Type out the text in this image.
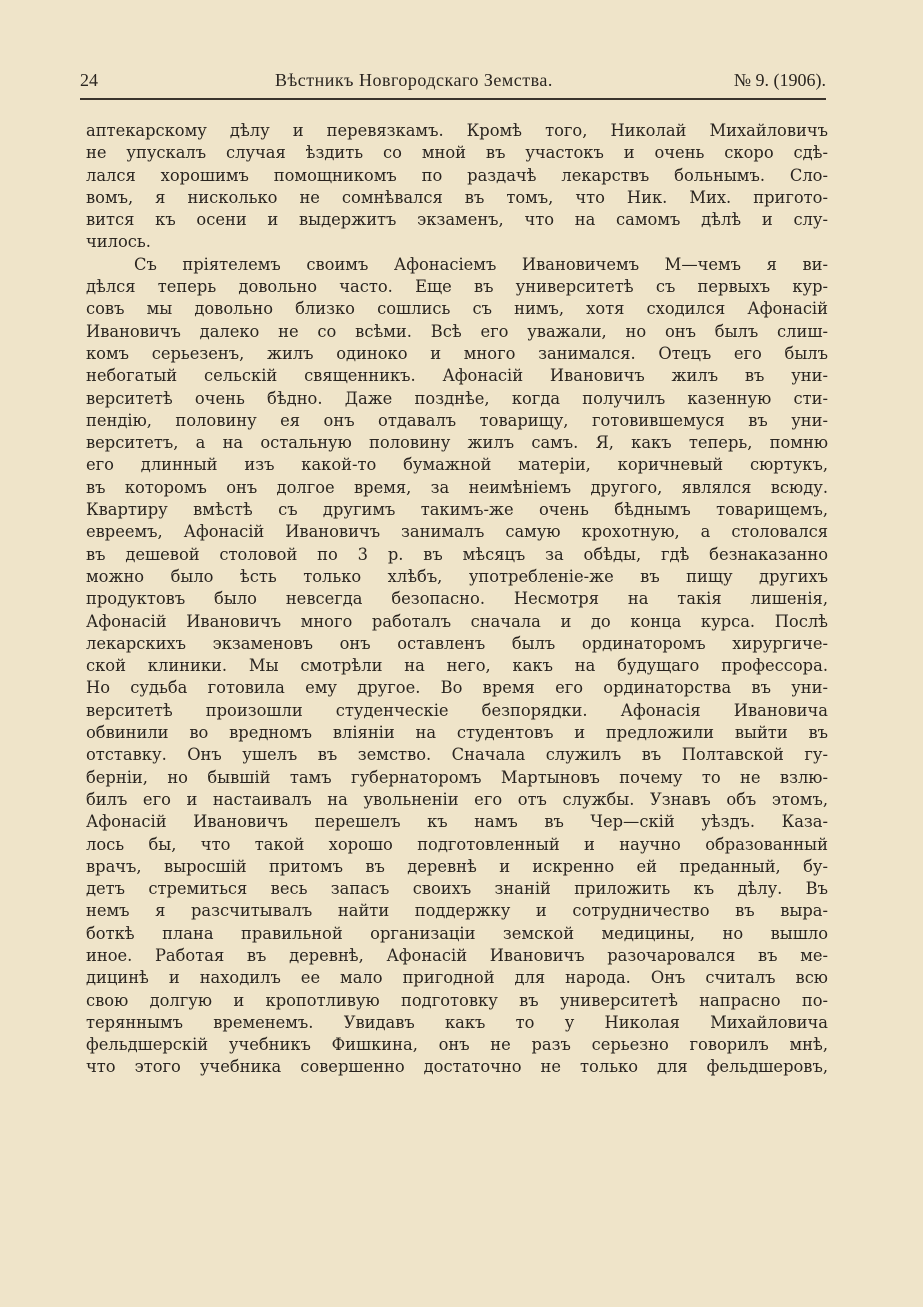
24	Вѣстникъ Новгородскаго Земства.	№ 9. (1906).
аптекарскому дѣлу и перевязкамъ. Кромѣ того, Николай Михайловичъ
не упускалъ случая ѣздить со мной въ участокъ и очень скоро сдѣ-
лался хорошимъ помощникомъ по раздачѣ лекарствъ больнымъ. Сло-
вомъ, я нисколько не сомнѣвался въ томъ, что Ник. Мих. пригото-
вится къ осени и выдержитъ экзаменъ, что на самомъ дѣлѣ и слу-
чилось.
Съ пріятелемъ своимъ Афонасіемъ Ивановичемъ М—чемъ я ви-
дѣлся теперь довольно часто. Еще въ университетѣ съ первыхъ кур-
совъ мы довольно близко сошлись съ нимъ, хотя сходился Афонасій
Ивановичъ далеко не со всѣми. Всѣ его уважали, но онъ былъ слиш-
комъ серьезенъ, жилъ одиноко и много занимался. Отецъ его былъ
небогатый сельскій священникъ. Афонасій Ивановичъ жилъ въ уни-
верситетѣ очень бѣдно. Даже позднѣе, когда получилъ казенную сти-
пендію, половину ея онъ отдавалъ товарищу, готовившемуся въ уни-
верситетъ, а на остальную половину жилъ самъ. Я, какъ теперь, помню
его длинный изъ какой-то бумажной матеріи, коричневый сюртукъ,
въ которомъ онъ долгое время, за неимѣніемъ другого, являлся всюду.
Квартиру вмѣстѣ съ другимъ такимъ-же очень бѣднымъ товарищемъ,
евреемъ, Афонасій Ивановичъ занималъ самую крохотную, а столовался
въ дешевой столовой по 3 р. въ мѣсяцъ за обѣды, гдѣ безнаказанно
можно было ѣсть только хлѣбъ, употребленіе-же въ пищу другихъ
продуктовъ было невсегда безопасно. Несмотря на такія лишенія,
Афонасій Ивановичъ много работалъ сначала и до конца курса. Послѣ
лекарскихъ экзаменовъ онъ оставленъ былъ ординаторомъ хирургиче-
ской клиники. Мы смотрѣли на него, какъ на будущаго профессора.
Но судьба готовила ему другое. Во время его ординаторства въ уни-
верситетѣ произошли студенческіе безпорядки. Афонасія Ивановича
обвинили во вредномъ вліяніи на студентовъ и предложили выйти въ
отставку. Онъ ушелъ въ земство. Сначала служилъ въ Полтавской гу-
берніи, но бывшій тамъ губернаторомъ Мартыновъ почему то не взлю-
билъ его и настаивалъ на увольненіи его отъ службы. Узнавъ объ этомъ,
Афонасій Ивановичъ перешелъ къ намъ въ Чер—скій уѣздъ. Каза-
лось бы, что такой хорошо подготовленный и научно образованный
врачъ, выросшій притомъ въ деревнѣ и искренно ей преданный, бу-
детъ стремиться весь запасъ своихъ знаній приложить къ дѣлу. Въ
немъ я разсчитывалъ найти поддержку и сотрудничество въ выра-
боткѣ плана правильной организаціи земской медицины, но вышло
иное. Работая въ деревнѣ, Афонасій Ивановичъ разочаровался въ ме-
дицинѣ и находилъ ее мало пригодной для народа. Онъ считалъ всю
свою долгую и кропотливую подготовку въ университетѣ напрасно по-
теряннымъ временемъ. Увидавъ какъ то у Николая Михайловича
фельдшерскій учебникъ Фишкина, онъ не разъ серьезно говорилъ мнѣ,
что этого учебника совершенно достаточно не только для фельдшеровъ,
